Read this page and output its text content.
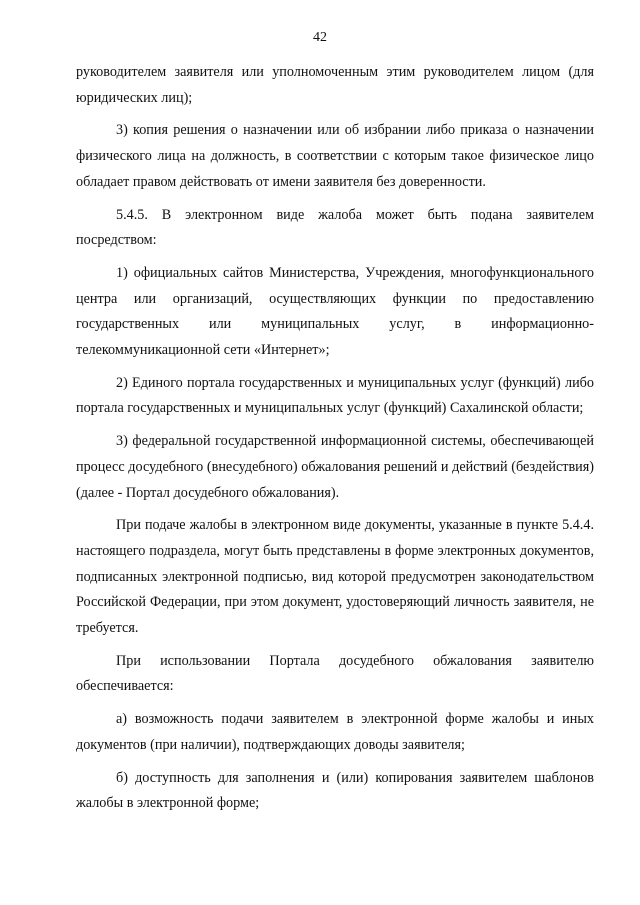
42

руководителем заявителя или уполномоченным этим руководителем лицом (для юридических лиц);

3) копия решения о назначении или об избрании либо приказа о назначении физического лица на должность, в соответствии с которым такое физическое лицо обладает правом действовать от имени заявителя без доверенности.

5.4.5. В электронном виде жалоба может быть подана заявителем посредством:

1) официальных сайтов Министерства, Учреждения, многофункционального центра или организаций, осуществляющих функции по предоставлению государственных или муниципальных услуг, в информационно-телекоммуникационной сети «Интернет»;

2) Единого портала государственных и муниципальных услуг (функций) либо портала государственных и муниципальных услуг (функций) Сахалинской области;

3) федеральной государственной информационной системы, обеспечивающей процесс досудебного (внесудебного) обжалования решений и действий (бездействия) (далее - Портал досудебного обжалования).

При подаче жалобы в электронном виде документы, указанные в пункте 5.4.4. настоящего подраздела, могут быть представлены в форме электронных документов, подписанных электронной подписью, вид которой предусмотрен законодательством Российской Федерации, при этом документ, удостоверяющий личность заявителя, не требуется.

При использовании Портала досудебного обжалования заявителю обеспечивается:

а) возможность подачи заявителем в электронной форме жалобы и иных документов (при наличии), подтверждающих доводы заявителя;

б) доступность для заполнения и (или) копирования заявителем шаблонов жалобы в электронной форме;
